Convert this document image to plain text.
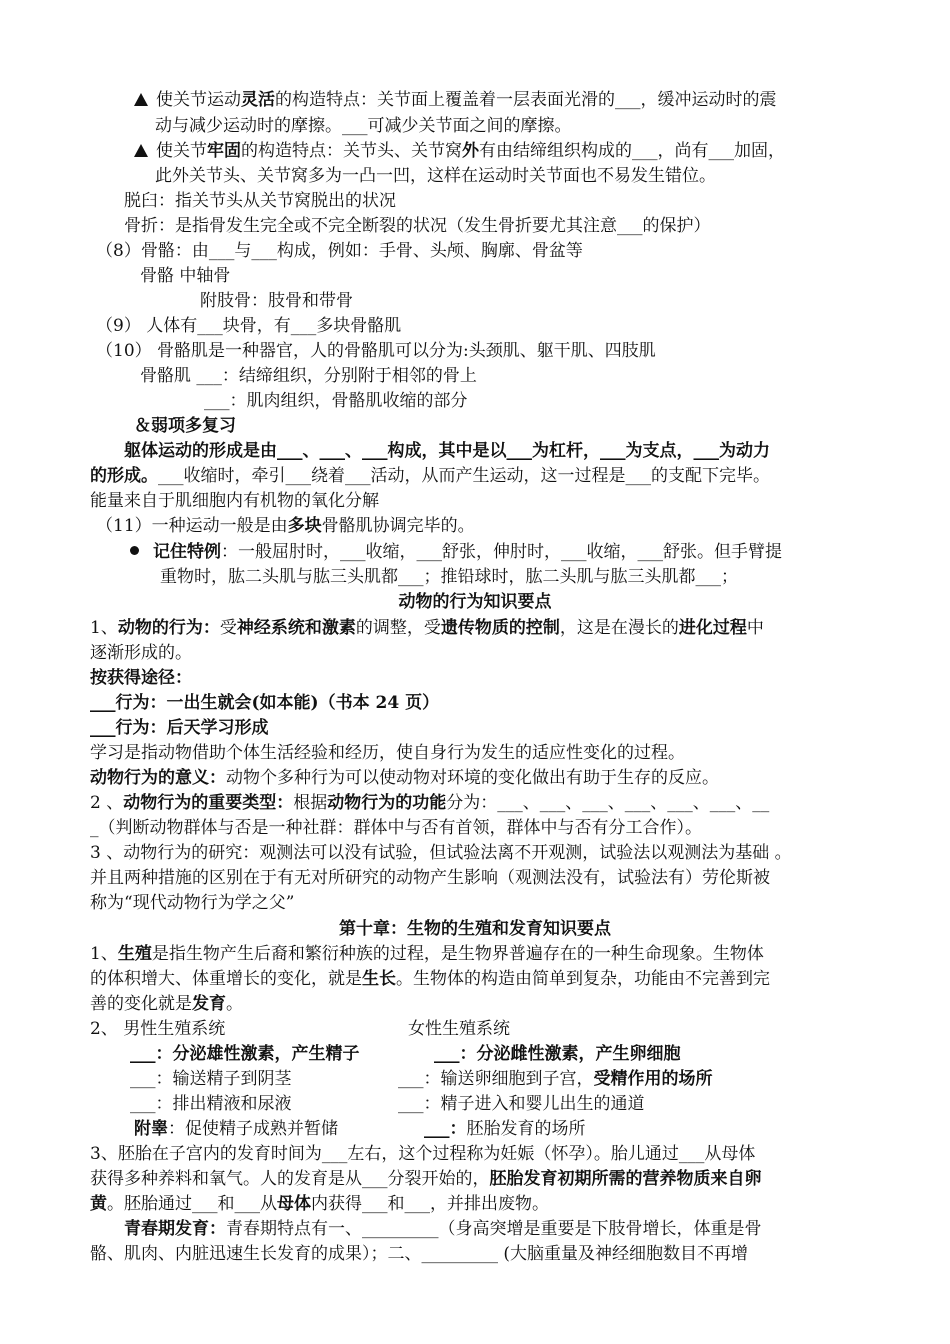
使关节运动灵活的构造特点：关节面上覆盖着一层表面光滑的___，缓冲运动时的震
动与减少运动时的摩擦。___可减少关节面之间的摩擦。
使关节牢固的构造特点：关节头、关节窝外有由结缔组织构成的___，尚有___加固，
此外关节头、关节窝多为一凸一凹，这样在运动时关节面也不易发生错位。
脱臼：指关节头从关节窝脱出的状况
骨折：是指骨发生完全或不完全断裂的状况（发生骨折要尤其注意___的保护）
（8）骨骼：由___与___构成，例如：手骨、头颅、胸廓、骨盆等
骨骼 中轴骨
附肢骨：肢骨和带骨
（9） 人体有___块骨，有___多块骨骼肌
（10） 骨骼肌是一种器官，人的骨骼肌可以分为:头颈肌、躯干肌、四肢肌
骨骼肌 ___：结缔组织，分别附于相邻的骨上
___：肌肉组织，骨骼肌收缩的部分
＆弱项多复习
躯体运动的形成是由___、___、___构成，其中是以___为杠杆，___为支点，___为动力
的形成。___收缩时，牵引___绕着___活动，从而产生运动，这一过程是___的支配下完毕。
能量来自于肌细胞内有机物的氧化分解
（11）一种运动一般是由多块骨骼肌协调完毕的。
记住特例：一般屈肘时，___收缩，___舒张，伸肘时，___收缩，___舒张。但手臂提
重物时，肱二头肌与肱三头肌都___；推铅球时，肱二头肌与肱三头肌都___；
动物的行为知识要点
1、动物的行为：受神经系统和激素的调整，受遗传物质的控制，这是在漫长的进化过程中
逐渐形成的。
按获得途径：
___行为：一出生就会(如本能)（书本 24 页）
___行为：后天学习形成
学习是指动物借助个体生活经验和经历，使自身行为发生的适应性变化的过程。
动物行为的意义：动物个多种行为可以使动物对环境的变化做出有助于生存的反应。
2 、动物行为的重要类型：根据动物行为的功能分为：___、___、___、___、___、___、__
_（判断动物群体与否是一种社群：群体中与否有首领，群体中与否有分工合作）。
3 、动物行为的研究：观测法可以没有试验，但试验法离不开观测，试验法以观测法为基础 。
并且两种措施的区别在于有无对所研究的动物产生影响（观测法没有，试验法有）劳伦斯被
称为“现代动物行为学之父”
第十章：生物的生殖和发育知识要点
1、生殖是指生物产生后裔和繁衍种族的过程，是生物界普遍存在的一种生命现象。生物体
的体积增大、体重增长的变化，就是生长。生物体的构造由简单到复杂，功能由不完善到完
善的变化就是发育。
2、 男性生殖系统	女性生殖系统
___：分泌雄性激素，产生精子	___：分泌雌性激素，产生卵细胞
___：输送精子到阴茎	___：输送卵细胞到子宫，受精作用的场所
___：排出精液和尿液	___：精子进入和婴儿出生的通道
附睾：促使精子成熟并暂储	___：胚胎发育的场所
3、胚胎在子宫内的发育时间为___左右，这个过程称为妊娠（怀孕）。胎儿通过___从母体
获得多种养料和氧气。人的发育是从___分裂开始的，胚胎发育初期所需的营养物质来自卵
黄。胚胎通过___和___从母体内获得___和___，并排出废物。
青春期发育：青春期特点有一、_________（身高突增是重要是下肢骨增长，体重是骨
骼、肌肉、内脏迅速生长发育的成果）；二、_________ (大脑重量及神经细胞数目不再增
